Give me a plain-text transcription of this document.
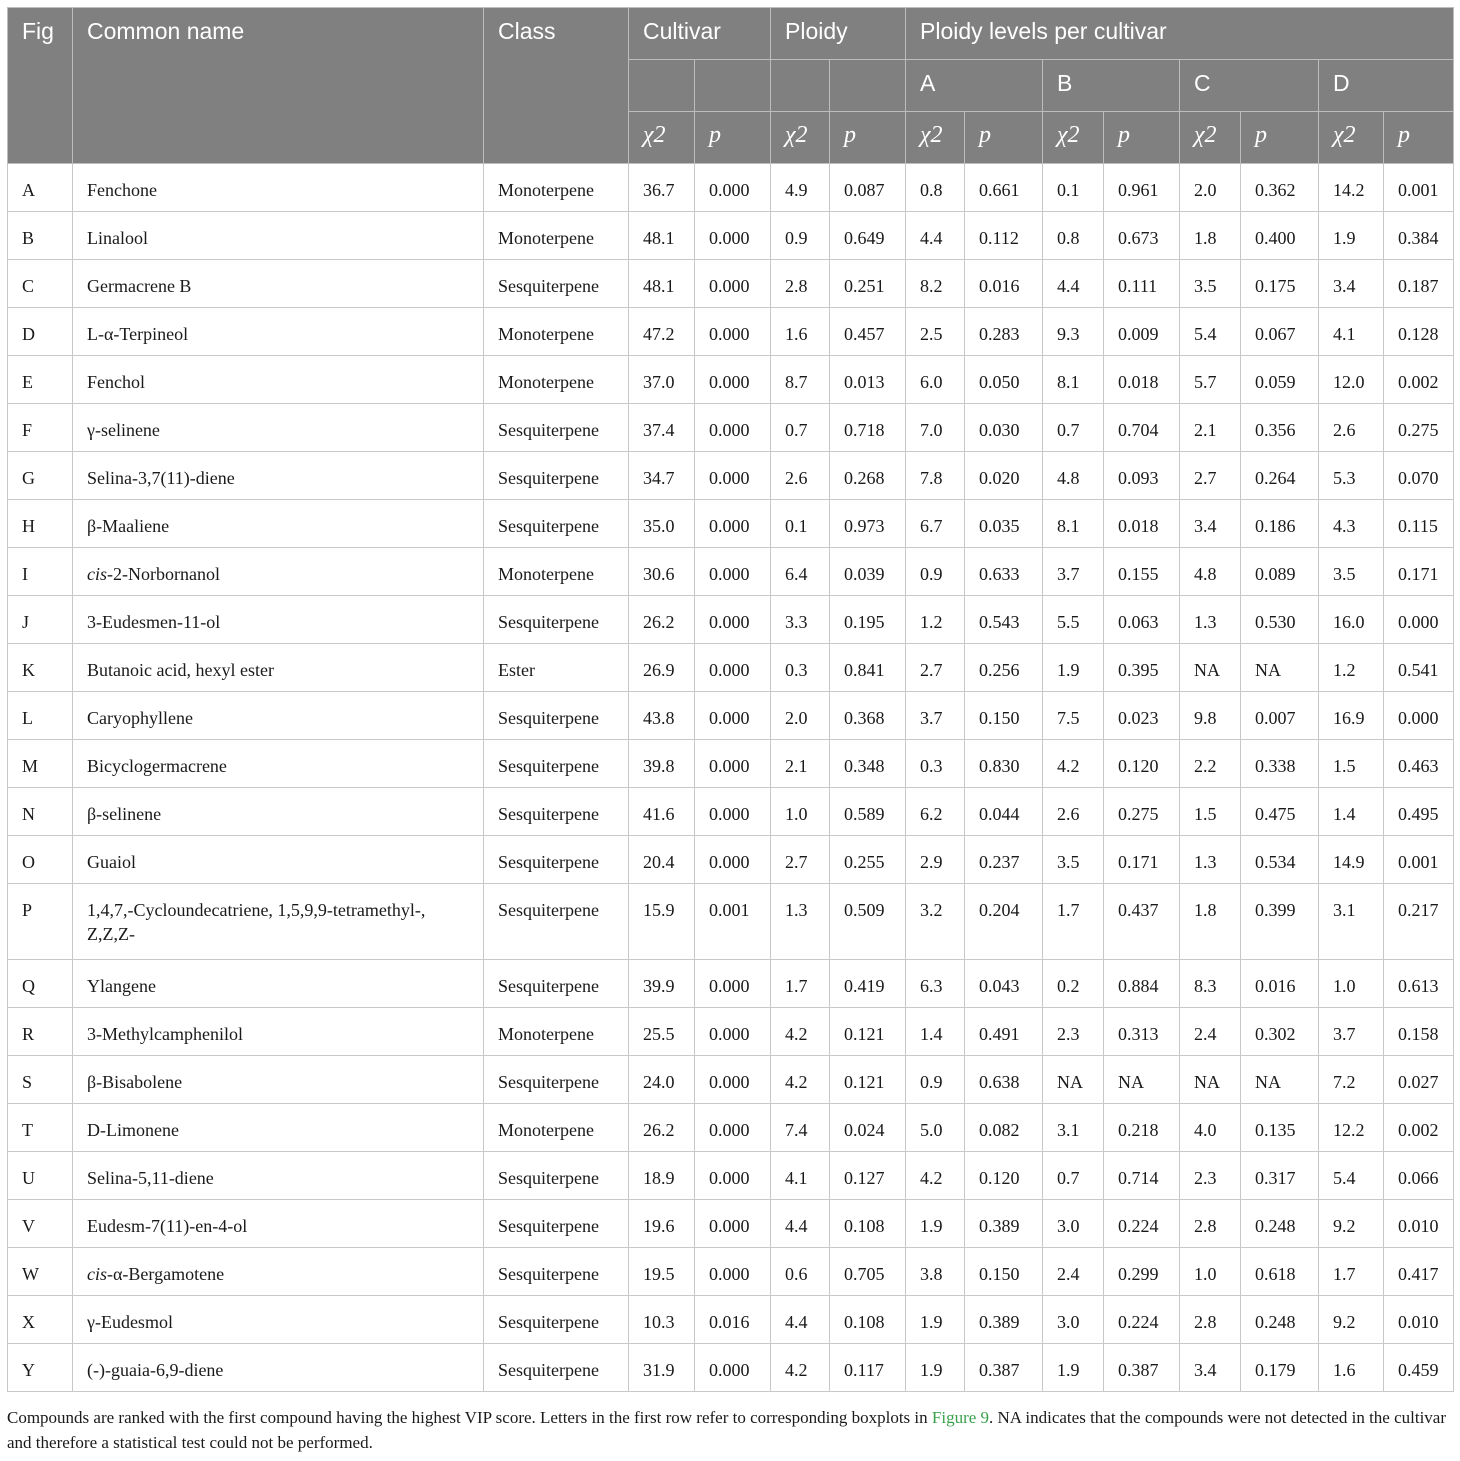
Fig	Common name	Class	Cultivar		Ploidy		Ploidy levels per cultivar							
							A		B		C		D	
			χ2	p	χ2	p	χ2	p	χ2	p	χ2	p	χ2	p
A	Fenchone	Monoterpene	36.7	0.000	4.9	0.087	0.8	0.661	0.1	0.961	2.0	0.362	14.2	0.001
B	Linalool	Monoterpene	48.1	0.000	0.9	0.649	4.4	0.112	0.8	0.673	1.8	0.400	1.9	0.384
C	Germacrene B	Sesquiterpene	48.1	0.000	2.8	0.251	8.2	0.016	4.4	0.111	3.5	0.175	3.4	0.187
D	L-α-Terpineol	Monoterpene	47.2	0.000	1.6	0.457	2.5	0.283	9.3	0.009	5.4	0.067	4.1	0.128
E	Fenchol	Monoterpene	37.0	0.000	8.7	0.013	6.0	0.050	8.1	0.018	5.7	0.059	12.0	0.002
F	γ-selinene	Sesquiterpene	37.4	0.000	0.7	0.718	7.0	0.030	0.7	0.704	2.1	0.356	2.6	0.275
G	Selina-3,7(11)-diene	Sesquiterpene	34.7	0.000	2.6	0.268	7.8	0.020	4.8	0.093	2.7	0.264	5.3	0.070
H	β-Maaliene	Sesquiterpene	35.0	0.000	0.1	0.973	6.7	0.035	8.1	0.018	3.4	0.186	4.3	0.115
I	cis-2-Norbornanol	Monoterpene	30.6	0.000	6.4	0.039	0.9	0.633	3.7	0.155	4.8	0.089	3.5	0.171
J	3-Eudesmen-11-ol	Sesquiterpene	26.2	0.000	3.3	0.195	1.2	0.543	5.5	0.063	1.3	0.530	16.0	0.000
K	Butanoic acid, hexyl ester	Ester	26.9	0.000	0.3	0.841	2.7	0.256	1.9	0.395	NA	NA	1.2	0.541
L	Caryophyllene	Sesquiterpene	43.8	0.000	2.0	0.368	3.7	0.150	7.5	0.023	9.8	0.007	16.9	0.000
M	Bicyclogermacrene	Sesquiterpene	39.8	0.000	2.1	0.348	0.3	0.830	4.2	0.120	2.2	0.338	1.5	0.463
N	β-selinene	Sesquiterpene	41.6	0.000	1.0	0.589	6.2	0.044	2.6	0.275	1.5	0.475	1.4	0.495
O	Guaiol	Sesquiterpene	20.4	0.000	2.7	0.255	2.9	0.237	3.5	0.171	1.3	0.534	14.9	0.001
P	1,4,7,-Cycloundecatriene, 1,5,9,9-tetramethyl-, Z,Z,Z-	Sesquiterpene	15.9	0.001	1.3	0.509	3.2	0.204	1.7	0.437	1.8	0.399	3.1	0.217
Q	Ylangene	Sesquiterpene	39.9	0.000	1.7	0.419	6.3	0.043	0.2	0.884	8.3	0.016	1.0	0.613
R	3-Methylcamphenilol	Monoterpene	25.5	0.000	4.2	0.121	1.4	0.491	2.3	0.313	2.4	0.302	3.7	0.158
S	β-Bisabolene	Sesquiterpene	24.0	0.000	4.2	0.121	0.9	0.638	NA	NA	NA	NA	7.2	0.027
T	D-Limonene	Monoterpene	26.2	0.000	7.4	0.024	5.0	0.082	3.1	0.218	4.0	0.135	12.2	0.002
U	Selina-5,11-diene	Sesquiterpene	18.9	0.000	4.1	0.127	4.2	0.120	0.7	0.714	2.3	0.317	5.4	0.066
V	Eudesm-7(11)-en-4-ol	Sesquiterpene	19.6	0.000	4.4	0.108	1.9	0.389	3.0	0.224	2.8	0.248	9.2	0.010
W	cis-α-Bergamotene	Sesquiterpene	19.5	0.000	0.6	0.705	3.8	0.150	2.4	0.299	1.0	0.618	1.7	0.417
X	γ-Eudesmol	Sesquiterpene	10.3	0.016	4.4	0.108	1.9	0.389	3.0	0.224	2.8	0.248	9.2	0.010
Y	(-)-guaia-6,9-diene	Sesquiterpene	31.9	0.000	4.2	0.117	1.9	0.387	1.9	0.387	3.4	0.179	1.6	0.459
Compounds are ranked with the first compound having the highest VIP score. Letters in the first row refer to corresponding boxplots in Figure 9. NA indicates that the compounds were not detected in the cultivar and therefore a statistical test could not be performed.
